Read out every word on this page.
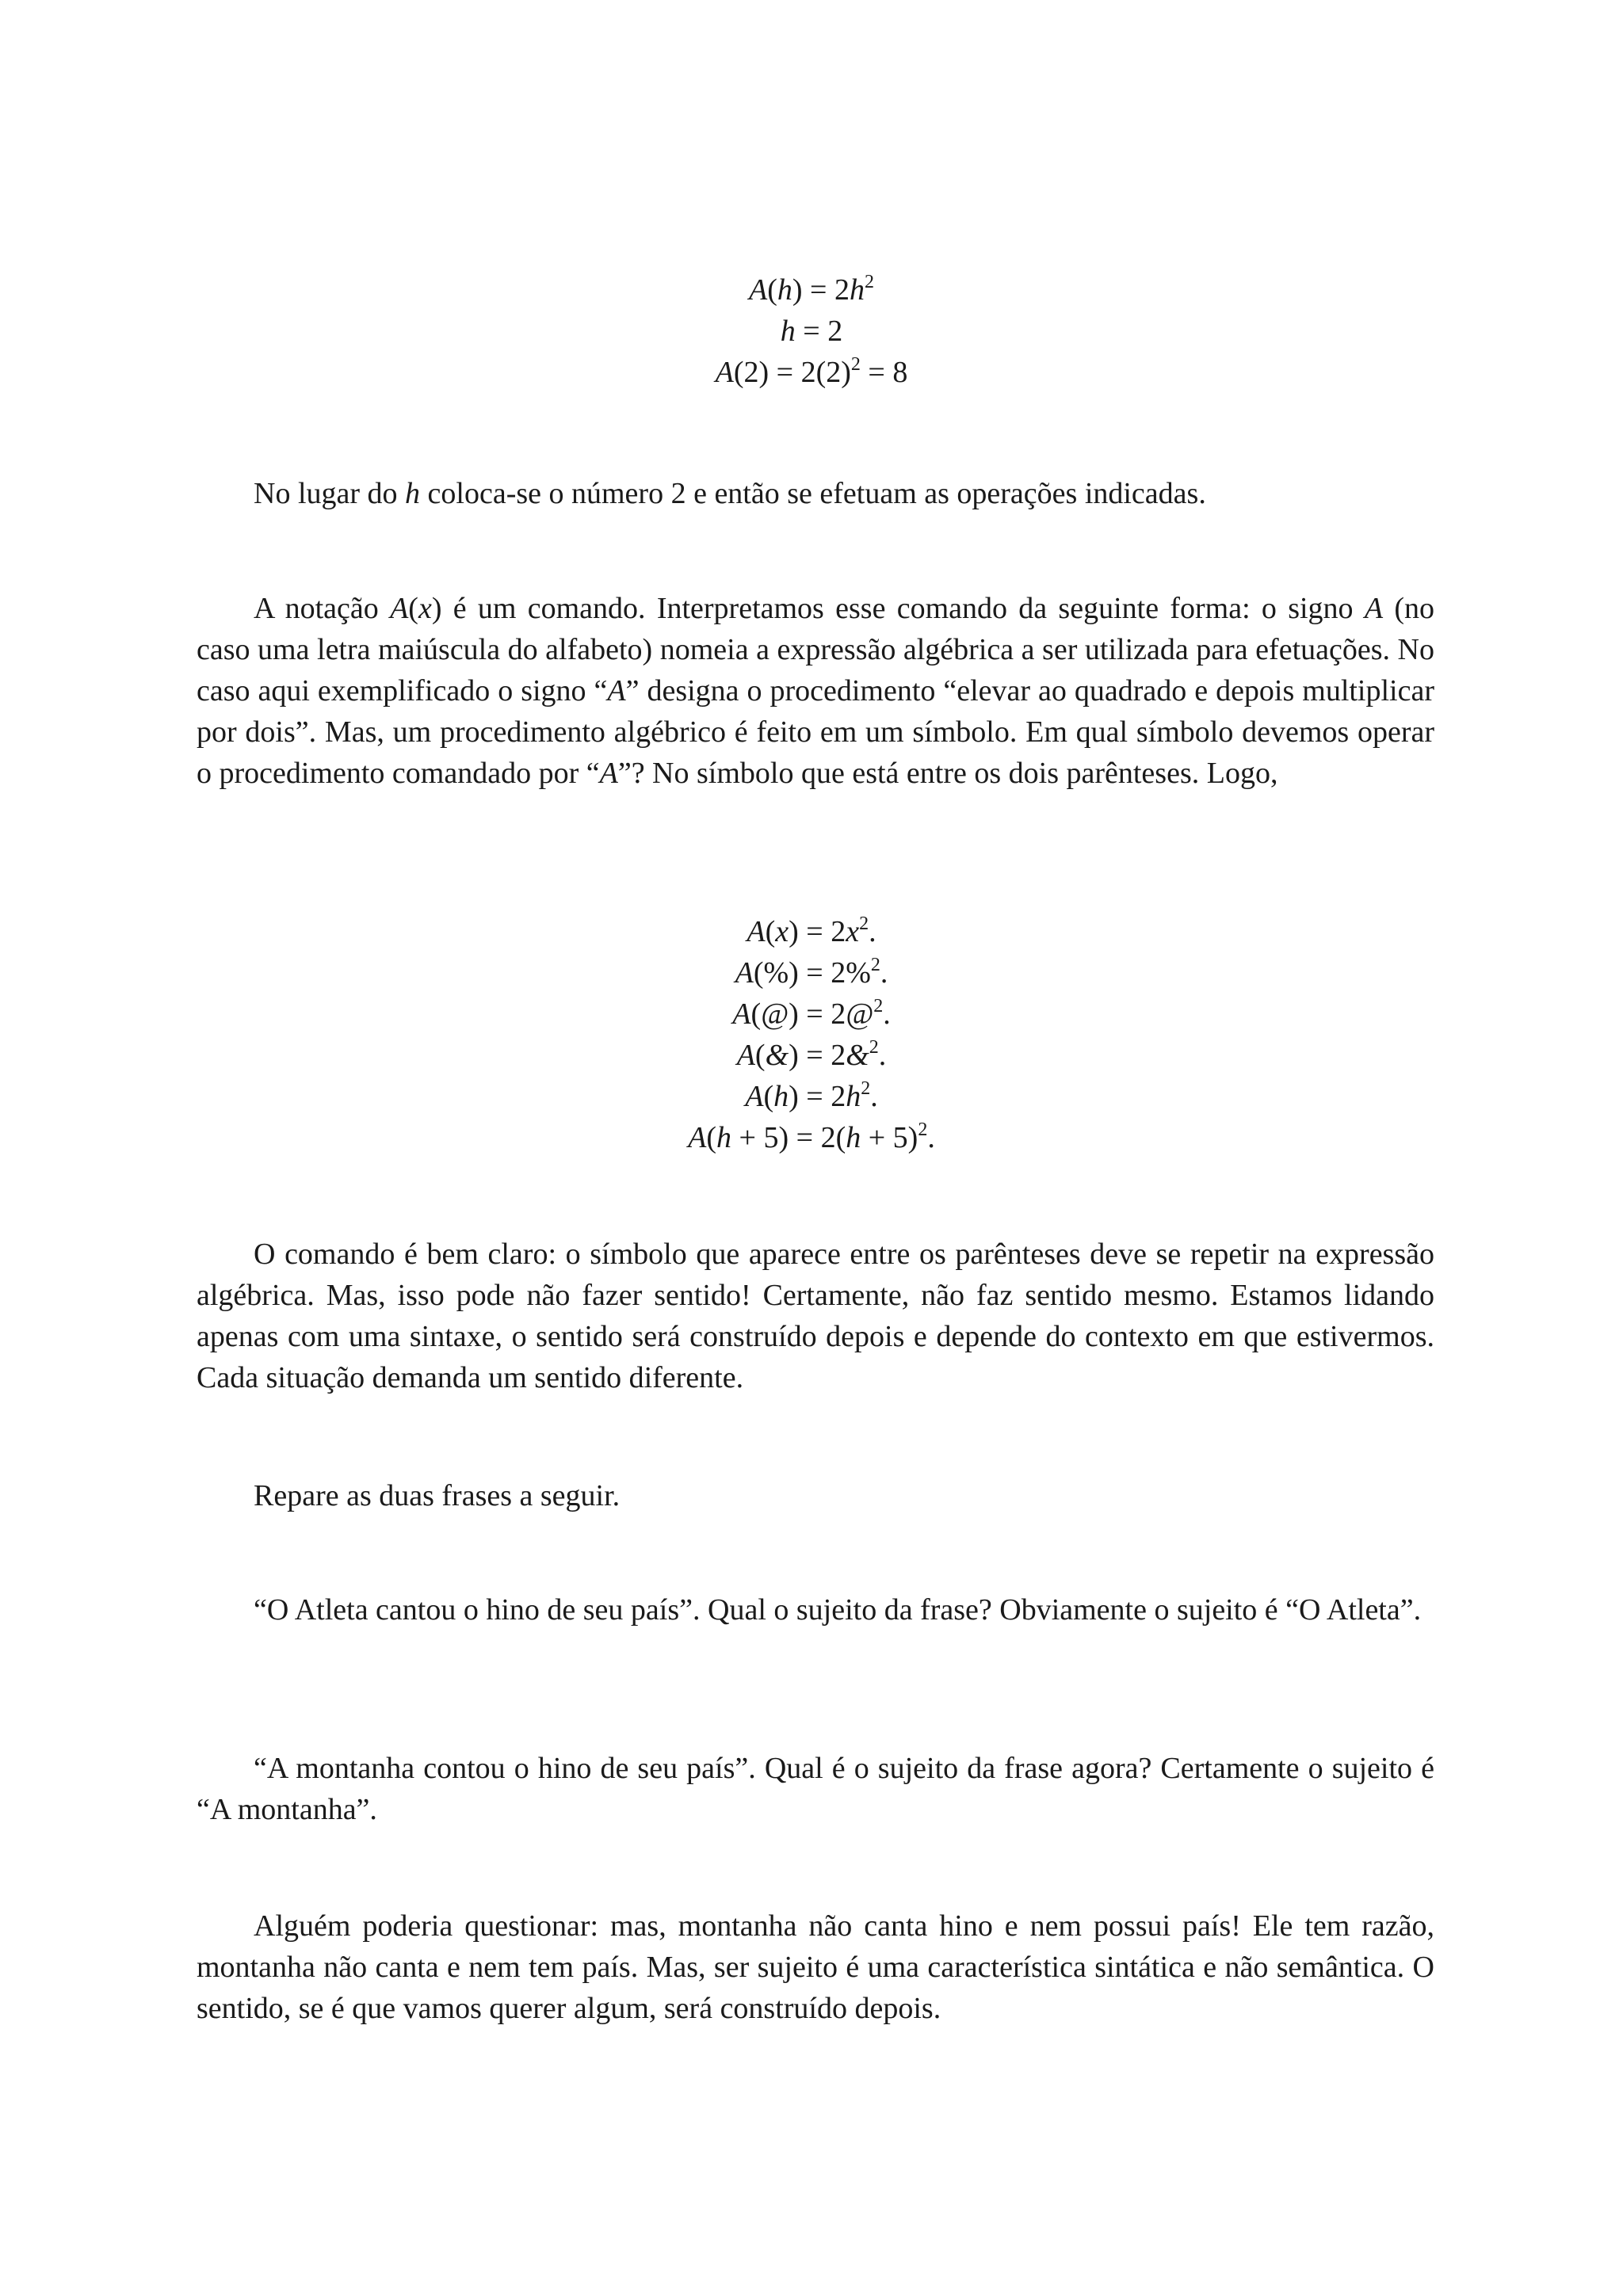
$A(h) = 2h^2$
h = 2
$A(2) = 2(2)^2 = 8$

No lugar do h coloca-se o número 2 e então se efetuam as operações indicadas.

A notação A(x) é um comando. Interpretamos esse comando da seguinte forma: o signo A (no caso uma letra maiúscula do alfabeto) nomeia a expressão algébrica a ser utilizada para efetuações. No caso aqui exemplificado o signo “A” designa o procedimento “elevar ao quadrado e depois multiplicar por dois”. Mas, um procedimento algébrico é feito em um símbolo. Em qual símbolo devemos operar o procedimento comandado por “A”? No símbolo que está entre os dois parênteses. Logo,

$A(x) = 2x^2$.
A(%) = 2%$^2$.
A(@) = 2@$^2$.
A(&) = 2&$^2$.
$A(h) = 2h^2$.
$A(h + 5) = 2(h + 5)^2$.

O comando é bem claro: o símbolo que aparece entre os parênteses deve se repetir na expressão algébrica. Mas, isso pode não fazer sentido! Certamente, não faz sentido mesmo. Estamos lidando apenas com uma sintaxe, o sentido será construído depois e depende do contexto em que estivermos. Cada situação demanda um sentido diferente.

Repare as duas frases a seguir.

“O Atleta cantou o hino de seu país”. Qual o sujeito da frase? Obviamente o sujeito é “O Atleta”.

“A montanha contou o hino de seu país”. Qual é o sujeito da frase agora? Certamente o sujeito é “A montanha”.

Alguém poderia questionar: mas, montanha não canta hino e nem possui país! Ele tem razão, montanha não canta e nem tem país. Mas, ser sujeito é uma característica sintática e não semântica. O sentido, se é que vamos querer algum, será construído depois.
